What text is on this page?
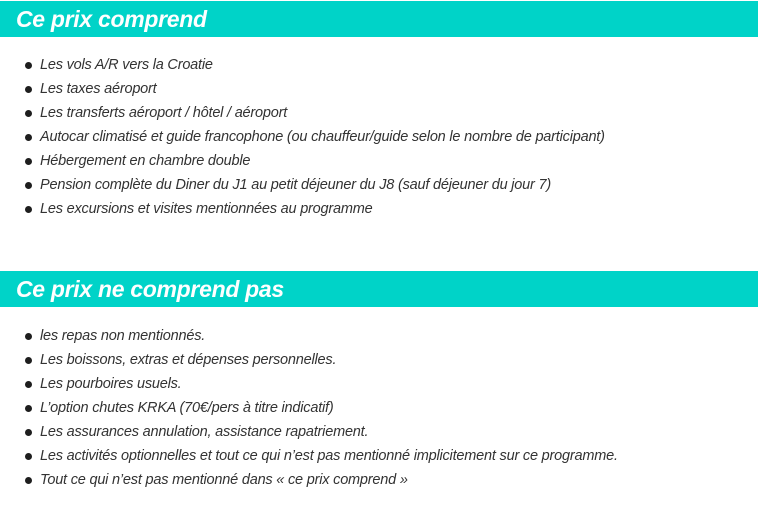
Ce prix comprend
Les vols A/R vers la Croatie
Les taxes aéroport
Les transferts aéroport / hôtel / aéroport
Autocar climatisé et guide francophone (ou chauffeur/guide selon le nombre de participant)
Hébergement en chambre double
Pension complète du Diner du J1 au petit déjeuner du J8 (sauf déjeuner du jour 7)
Les excursions et visites mentionnées au programme
Ce prix ne comprend pas
les repas non mentionnés.
Les boissons, extras et dépenses personnelles.
Les pourboires usuels.
L’option chutes KRKA (70€/pers à titre indicatif)
Les assurances annulation, assistance rapatriement.
Les activités optionnelles et tout ce qui n’est pas mentionné implicitement sur ce programme.
Tout ce qui n’est pas mentionné dans « ce prix comprend »
